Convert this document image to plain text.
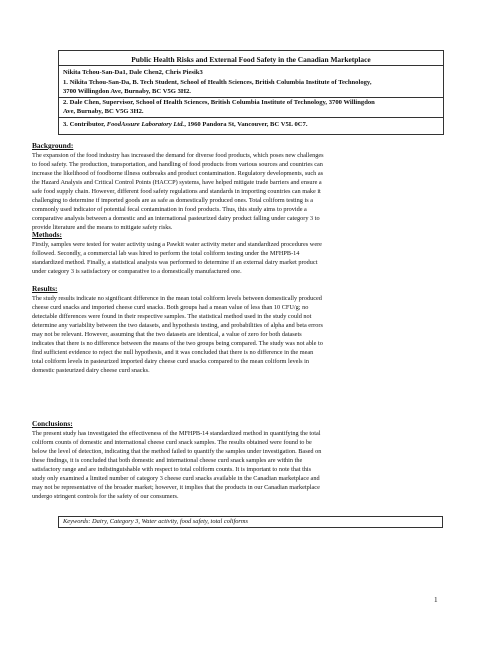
Public Health Risks and External Food Safety in the Canadian Marketplace
Nikita Tchou-San-Da1, Dale Chen2, Chris Piesik3
1. Nikita Tchou-San-Da, B. Tech Student, School of Health Sciences, British Columbia Institute of Technology,
3700 Willingdon Ave, Burnaby, BC V5G 3H2.
2. Dale Chen, Supervisor, School of Health Sciences, British Columbia Institute of Technology, 3700 Willingdon
Ave, Burnaby, BC V5G 3H2.
3. Contributor, FoodAssure Laboratory Ltd., 1960 Pandora St, Vancouver, BC V5L 0C7.
Background:
The expansion of the food industry has increased the demand for diverse food products, which poses new challenges
to food safety. The production, transportation, and handling of food products from various sources and countries can
increase the likelihood of foodborne illness outbreaks and product contamination. Regulatory developments, such as
the Hazard Analysis and Critical Control Points (HACCP) systems, have helped mitigate trade barriers and ensure a
safe food supply chain. However, different food safety regulations and standards in importing countries can make it
challenging to determine if imported goods are as safe as domestically produced ones. Total coliform testing is a
commonly used indicator of potential fecal contamination in food products. Thus, this study aims to provide a
comparative analysis between a domestic and an international pasteurized dairy product falling under category 3 to
provide literature and the means to mitigate safety risks.
Methods:
Firstly, samples were tested for water activity using a Pawkit water activity meter and standardized procedures were
followed. Secondly, a commercial lab was hired to perform the total coliform testing under the MFHPB-14
standardized method. Finally, a statistical analysis was performed to determine if an external dairy market product
under category 3 is satisfactory or comparative to a domestically manufactured one.
Results:
The study results indicate no significant difference in the mean total coliform levels between domestically produced
cheese curd snacks and imported cheese curd snacks. Both groups had a mean value of less than 10 CFU/g; no
detectable differences were found in their respective samples. The statistical method used in the study could not
determine any variability between the two datasets, and hypothesis testing, and probabilities of alpha and beta errors
may not be relevant. However, assuming that the two datasets are identical, a value of zero for both datasets
indicates that there is no difference between the means of the two groups being compared. The study was not able to
find sufficient evidence to reject the null hypothesis, and it was concluded that there is no difference in the mean
total coliform levels in pasteurized imported dairy cheese curd snacks compared to the mean coliform levels in
domestic pasteurized dairy cheese curd snacks.
Conclusions:
The present study has investigated the effectiveness of the MFHPB-14 standardized method in quantifying the total
coliform counts of domestic and international cheese curd snack samples. The results obtained were found to be
below the level of detection, indicating that the method failed to quantify the samples under investigation. Based on
these findings, it is concluded that both domestic and international cheese curd snack samples are within the
satisfactory range and are indistinguishable with respect to total coliform counts. It is important to note that this
study only examined a limited number of category 3 cheese curd snacks available in the Canadian marketplace and
may not be representative of the broader market; however, it implies that the products in our Canadian marketplace
undergo stringent controls for the safety of our consumers.
Keywords: Dairy, Category 3, Water activity, food safety, total coliforms
1
